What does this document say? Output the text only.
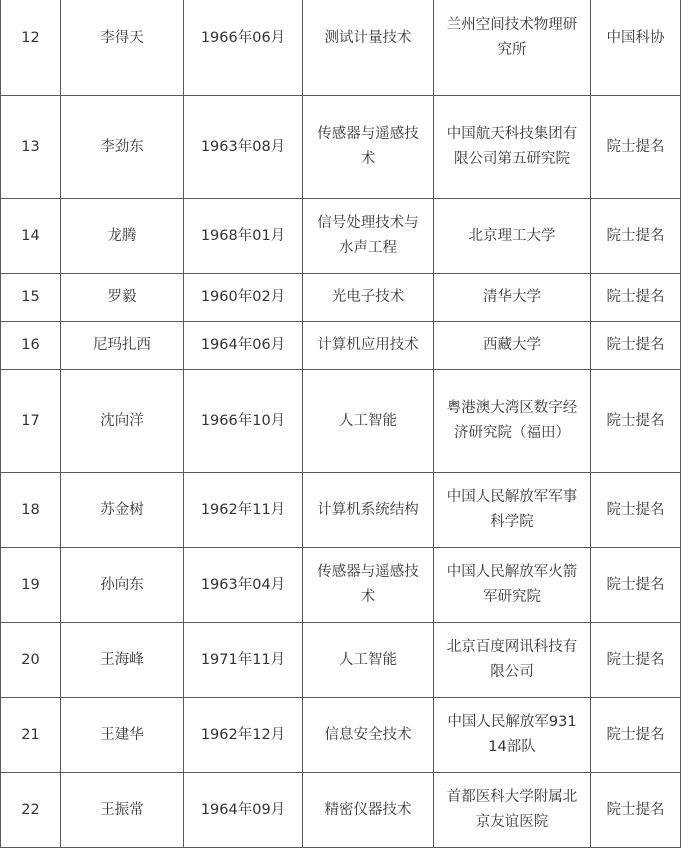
12	李得天	1966年06月	测试计量技术	兰州空间技术物理研究所	中国科协
13	李劲东	1963年08月	传感器与遥感技术	中国航天科技集团有限公司第五研究院	院士提名
14	龙腾	1968年01月	信号处理技术与水声工程	北京理工大学	院士提名
15	罗毅	1960年02月	光电子技术	清华大学	院士提名
16	尼玛扎西	1964年06月	计算机应用技术	西藏大学	院士提名
17	沈向洋	1966年10月	人工智能	粤港澳大湾区数字经济研究院（福田）	院士提名
18	苏金树	1962年11月	计算机系统结构	中国人民解放军军事科学院	院士提名
19	孙向东	1963年04月	传感器与遥感技术	中国人民解放军火箭军研究院	院士提名
20	王海峰	1971年11月	人工智能	北京百度网讯科技有限公司	院士提名
21	王建华	1962年12月	信息安全技术	中国人民解放军93114部队	院士提名
22	王振常	1964年09月	精密仪器技术	首都医科大学附属北京友谊医院	院士提名
